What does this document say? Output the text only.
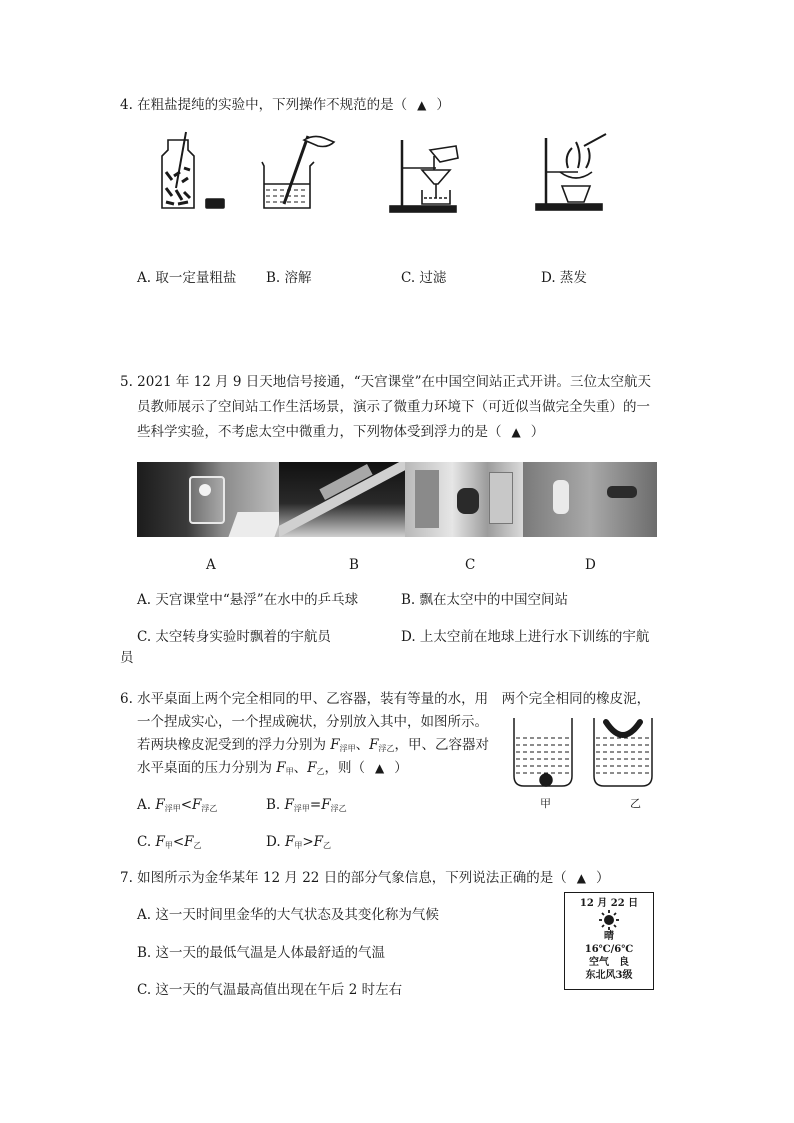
4. 在粗盐提纯的实验中，下列操作不规范的是（ ▲ ）
A. 取一定量粗盐 B. 溶解	C. 过滤	D. 蒸发
5. 2021 年 12 月 9 日天地信号接通，“天宫课堂”在中国空间站正式开讲。三位太空航天
员教师展示了空间站工作生活场景，演示了微重力环境下（可近似当做完全失重）的一
些科学实验，不考虑太空中微重力，下列物体受到浮力的是（ ▲ ）
A	B	C	D
A. 天宫课堂中“悬浮”在水中的乒乓球	B. 飘在太空中的中国空间站
C. 太空转身实验时飘着的宇航员	D. 上太空前在地球上进行水下训练的宇航
员
6. 水平桌面上两个完全相同的甲、乙容器，装有等量的水，用　两个完全相同的橡皮泥，
一个捏成实心，一个捏成碗状，分别放入其中，如图所示。
若两块橡皮泥受到的浮力分别为 $F_{浮甲}$、$F_{浮乙}$，甲、乙容器对
水平桌面的压力分别为 $F_甲$、$F_乙$，则（ ▲ ）
甲	乙
A. $F_{浮甲}<F_{浮乙}$	B. $F_{浮甲}=F_{浮乙}$
C. $F_甲<F_乙$	D. $F_甲>F_乙$
7. 如图所示为金华某年 12 月 22 日的部分气象信息，下列说法正确的是（ ▲ ）
A. 这一天时间里金华的大气状态及其变化称为气候
B. 这一天的最低气温是人体最舒适的气温
C. 这一天的气温最高值出现在午后 2 时左右
12 月 22 日
晴
16℃/6℃
空气　良
东北风3级
